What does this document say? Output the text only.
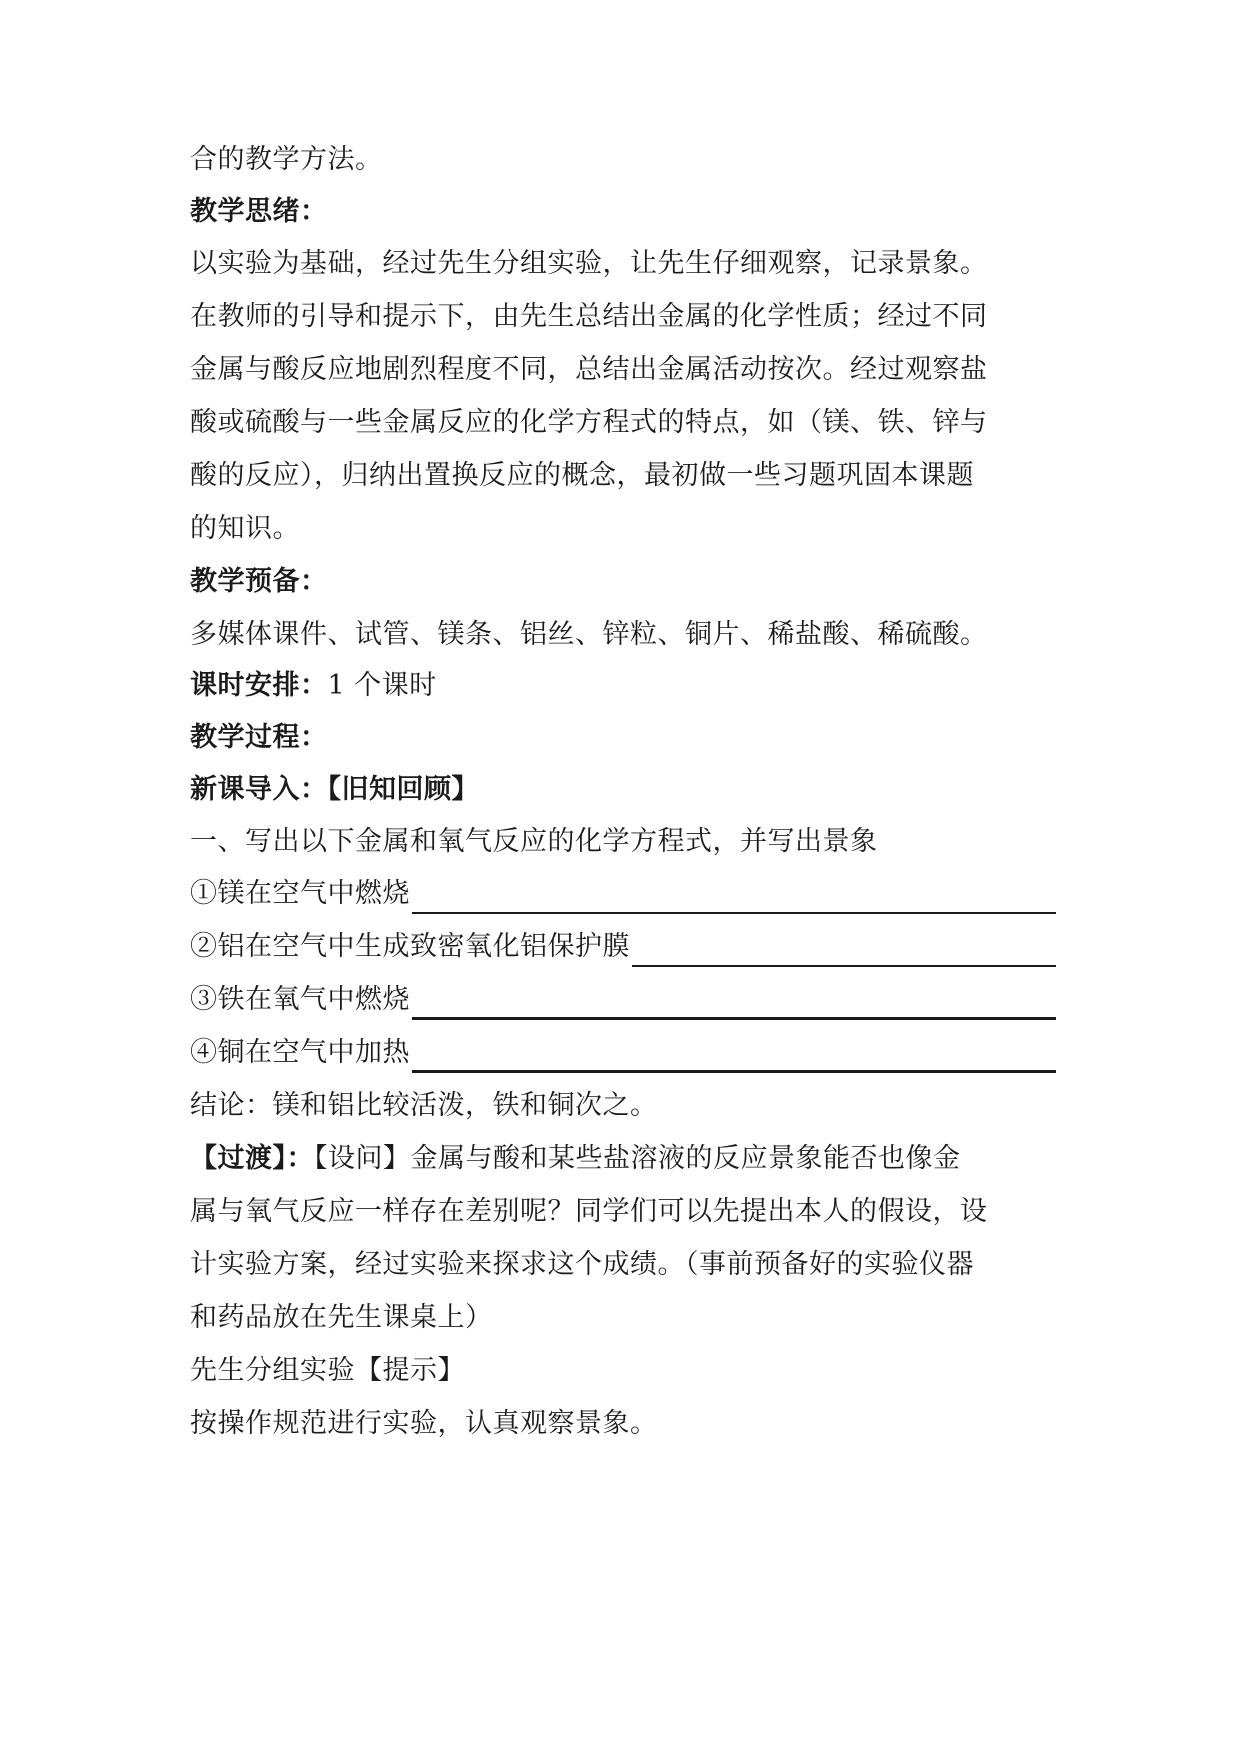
合的教学方法。
教学思绪：
以实验为基础，经过先生分组实验，让先生仔细观察，记录景象。
在教师的引导和提示下，由先生总结出金属的化学性质；经过不同
金属与酸反应地剧烈程度不同，总结出金属活动按次。经过观察盐
酸或硫酸与一些金属反应的化学方程式的特点，如（镁、铁、锌与
酸的反应），归纳出置换反应的概念，最初做一些习题巩固本课题
的知识。
教学预备：
多媒体课件、试管、镁条、铝丝、锌粒、铜片、稀盐酸、稀硫酸。
课时安排：1 个课时
教学过程：
新课导入：【旧知回顾】
一、写出以下金属和氧气反应的化学方程式，并写出景象
①镁在空气中燃烧
②铝在空气中生成致密氧化铝保护膜
③铁在氧气中燃烧
④铜在空气中加热
结论：镁和铝比较活泼，铁和铜次之。
【过渡】：【设问】金属与酸和某些盐溶液的反应景象能否也像金
属与氧气反应一样存在差别呢？同学们可以先提出本人的假设，设
计实验方案，经过实验来探求这个成绩。（事前预备好的实验仪器
和药品放在先生课桌上）
先生分组实验【提示】
按操作规范进行实验，认真观察景象。
